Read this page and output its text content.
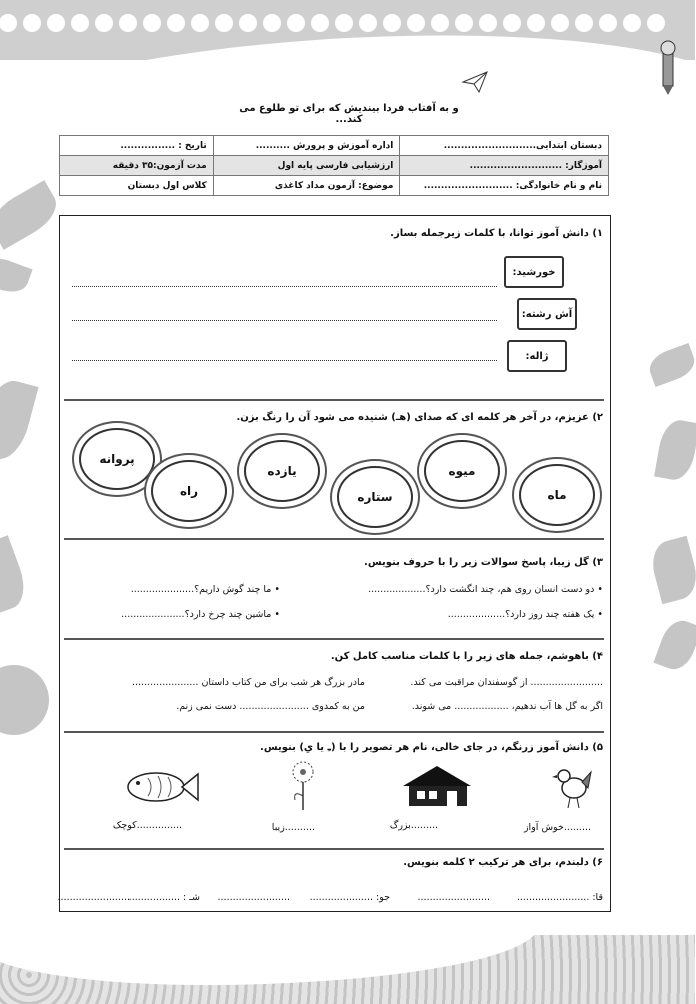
و به آفتاب فردا بیندیش که برای تو طلوع می کند...
دبستان ابتدایی...........................	اداره آموزش و پرورش ..........	تاریخ : ................
آموزگار: ...........................	ارزشیابی فارسی پایه اول	مدت آزمون:۳۵ دقیقه
نام و نام خانوادگی: ..........................	موضوع: آزمون مداد کاغذی	کلاس اول دبستان
۱) دانش آموز توانا، با کلمات زیرجمله بساز.
خورشید:
آش رشته:
ژاله:
۲) عزیزم، در آخر هر کلمه ای که صدای (هـ) شنیده می شود آن را رنگ بزن.
پروانه
راه
یازده
ستاره
میوه
ماه
۳) گل زیبا، پاسخ سوالات زیر را با حروف بنویس.
• دو دست انسان روی هم، چند انگشت دارد؟...................
• ما چند گوش داریم؟.....................
• یک هفته چند روز دارد؟...................
• ماشین چند چرخ دارد؟.....................
۴) باهوشم، جمله های زیر را با کلمات مناسب کامل کن.
........................ از گوسفندان مراقبت می کند.
مادر بزرگ هر شب برای من کتاب داستان ......................
اگر به گل ها آب ندهیم، .................. می شوند.
من به کمدوی ....................... دست نمی زنم.
۵) دانش آموز زرنگم، در جای خالی، نام هر تصویر را با (ـِ یا یِ) بنویس.
.........خوش آواز
.........بزرگ
..........زیبا
...............کوچک
۶) دلبندم، برای هر ترکیب ۲ کلمه بنویس.
قا: ........................
........................
جو: .....................
........................
شـ : .................
........................
